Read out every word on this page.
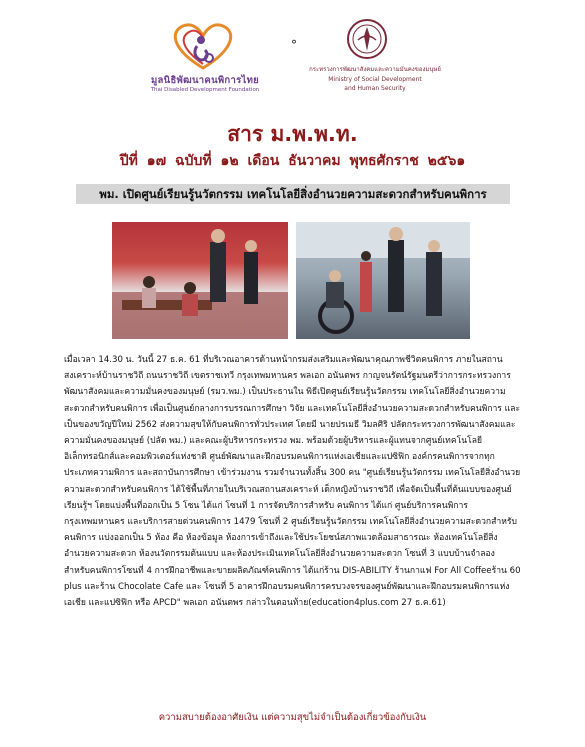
มูลนิธิพัฒนาคนพิการไทย
Thai Disabled Development Foundation
°
กระทรวงการพัฒนาสังคมและความมั่นคงของมนุษย์
Ministry of Social Development
and Human Security
สาร ม.พ.พ.ท.
ปีที่ ๑๗ ฉบับที่ ๑๒ เดือน ธันวาคม พุทธศักราช ๒๕๖๑
พม. เปิดศูนย์เรียนรู้นวัตกรรม เทคโนโลยีสิ่งอำนวยความสะดวกสำหรับคนพิการ

เมื่อเวลา 14.30 น. วันนี้ 27 ธ.ค. 61 ที่บริเวณอาคารด้านหน้ากรมส่งเสริมและพัฒนาคุณภาพชีวิตคนพิการ ภายในสถานสงเคราะห์บ้านราชวิถี ถนนราชวิถี เขตราชเทวี กรุงเทพมหานคร พลเอก อนันตพร กาญจนรัตน์รัฐมนตรีว่าการกระทรวงการพัฒนาสังคมและความมั่นคงของมนุษย์ (รมว.พม.) เป็นประธานใน พิธีเปิดศูนย์เรียนรู้นวัตกรรม เทคโนโลยีสิ่งอำนวยความสะดวกสำหรับคนพิการ เพื่อเป็นศูนย์กลางการบรรณการศึกษา วิจัย และเทคโนโลยีสิ่งอำนวยความสะดวกสำหรับคนพิการ และเป็นของขวัญปีใหม่ 2562 ส่งความสุขให้กับคนพิการทั่วประเทศ โดยมี นายปรเมธี วิมลศิริ ปลัดกระทรวงการพัฒนาสังคมและความมั่นคงของมนุษย์ (ปลัด พม.) และคณะผู้บริหารกระทรวง พม. พร้อมด้วยผู้บริหารและผู้แทนจากศูนย์เทคโนโลยีอิเล็กทรอนิกส์และคอมพิวเตอร์แห่งชาติ ศูนย์พัฒนาและฝึกอบรมคนพิการแห่งเอเชียและแปซิฟิก องค์กรคนพิการจากทุกประเภทความพิการ และสถาบันการศึกษา เข้าร่วมงาน รวมจำนวนทั้งสิ้น 300 คน "ศูนย์เรียนรู้นวัตกรรม เทคโนโลยีสิ่งอำนวยความสะดวกสำหรับคนพิการ ได้ใช้พื้นที่ภายในบริเวณสถานสงเคราะห์ เด็กหญิงบ้านราชวิถี เพื่อจัดเป็นพื้นที่ต้นแบบของศูนย์เรียนรู้ฯ โดยแบ่งพื้นที่ออกเป็น 5 โซน ได้แก่ โซนที่ 1 การจัดบริการสำหรับ คนพิการ ได้แก่ ศูนย์บริการคนพิการกรุงเทพมหานคร และบริการสายด่วนคนพิการ 1479 โซนที่ 2 ศูนย์เรียนรู้นวัตกรรม เทคโนโลยีสิ่งอำนวยความสะดวกสำหรับคนพิการ แบ่งออกเป็น 5 ห้อง คือ ห้องข้อมูล ห้องการเข้าถึงและใช้ประโยชน์สภาพแวดล้อมสาธารณะ ห้องเทคโนโลยีสิ่งอำนวยความสะดวก ห้องนวัตกรรมต้นแบบ และห้องประเมินเทคโนโลยีสิ่งอำนวยความสะดวก โซนที่ 3 แบบบ้านจำลอง สำหรับคนพิการโซนที่ 4 การฝึกอาชีพและขายผลิตภัณฑ์คนพิการ ได้แก่ร้าน DIS-ABILITY ร้านกาแฟ For All Coffeeร้าน 60 plus และร้าน Chocolate Cafe และ โซนที่ 5 อาคารฝึกอบรมคนพิการครบวงจรของศูนย์พัฒนาและฝึกอบรมคนพิการแห่งเอเชีย และแปซิฟิก หรือ APCD" พลเอก อนันตพร กล่าวในตอนท้าย(education4plus.com 27 ธ.ค.61)

ความสบายต้องอาศัยเงิน แต่ความสุขไม่จำเป็นต้องเกี่ยวข้องกับเงิน
